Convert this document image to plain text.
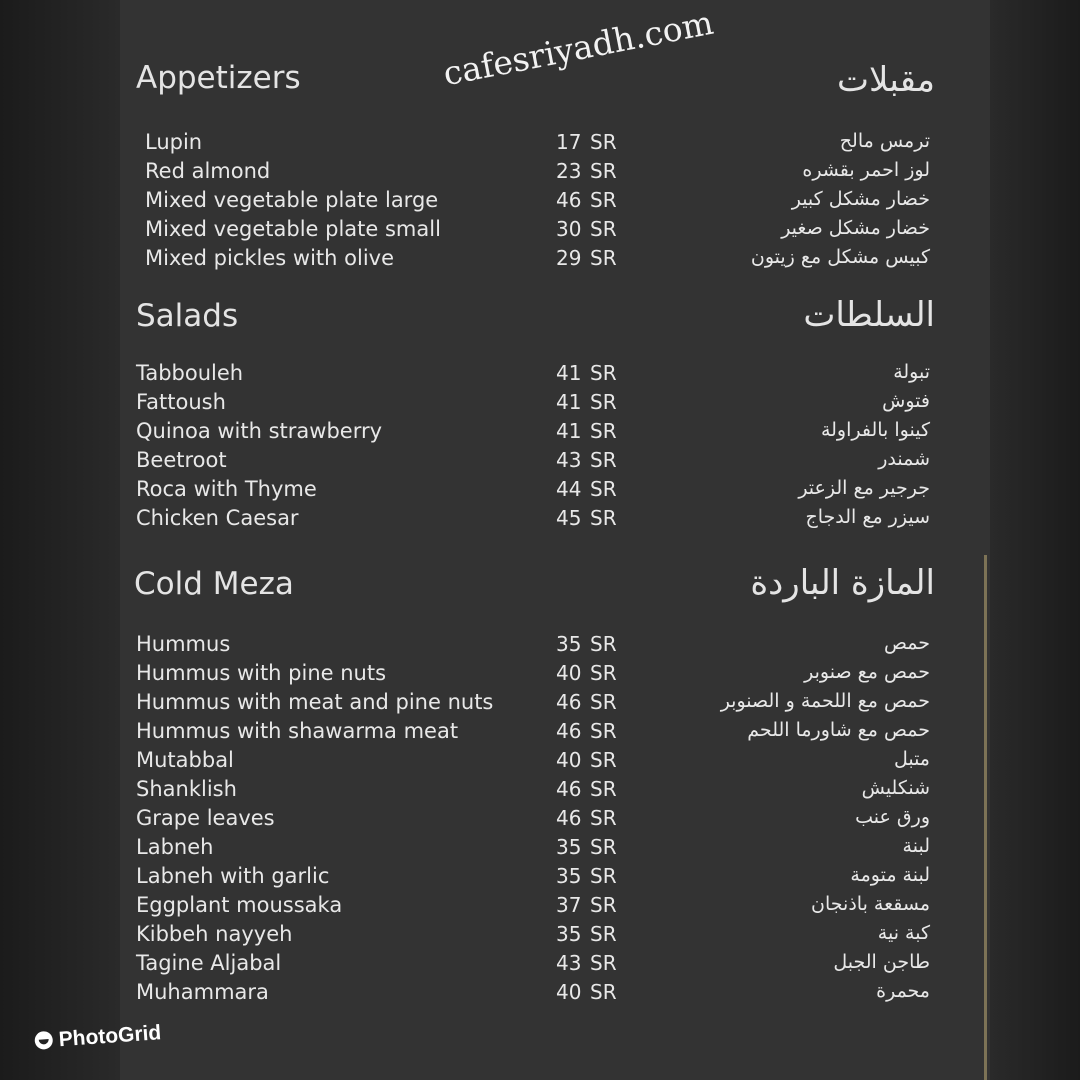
Appetizers	مقبلات
Lupin	17 SR	ترمس مالح
Red almond	23 SR	لوز احمر بقشره
Mixed vegetable plate large	46 SR	خضار مشكل كبير
Mixed vegetable plate small	30 SR	خضار مشكل صغير
Mixed pickles with olive	29 SR	كبيس مشكل مع زيتون
Salads	السلطات
Tabbouleh	41 SR	تبولة
Fattoush	41 SR	فتوش
Quinoa with strawberry	41 SR	كينوا بالفراولة
Beetroot	43 SR	شمندر
Roca with Thyme	44 SR	جرجير مع الزعتر
Chicken Caesar	45 SR	سيزر مع الدجاج
Cold Meza	المازة الباردة
Hummus	35 SR	حمص
Hummus with pine nuts	40 SR	حمص مع صنوبر
Hummus with meat and pine nuts	46 SR	حمص مع اللحمة و الصنوبر
Hummus with shawarma meat	46 SR	حمص مع شاورما اللحم
Mutabbal	40 SR	متبل
Shanklish	46 SR	شنكليش
Grape leaves	46 SR	ورق عنب
Labneh	35 SR	لبنة
Labneh with garlic	35 SR	لبنة متومة
Eggplant moussaka	37 SR	مسقعة باذنجان
Kibbeh nayyeh	35 SR	كبة نية
Tagine Aljabal	43 SR	طاجن الجبل
Muhammara	40 SR	محمرة
cafesriyadh.com
PhotoGrid
